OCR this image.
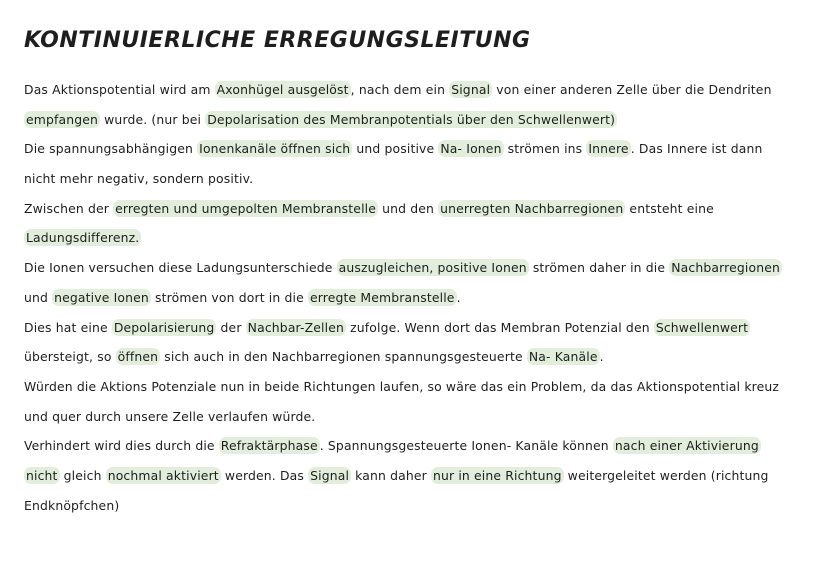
KONTINUIERLICHE ERREGUNGSLEITUNG
Das Aktionspotential wird am Axonhügel ausgelöst , nach dem ein Signal von einer anderen Zelle über die Dendriten
empfangen wurde. (nur bei Depolarisation des Membranpotentials über den Schwellenwert)
Die spannungsabhängigen Ionenkanäle öffnen sich und positive Na- Ionen strömen ins Innere . Das Innere ist dann
nicht mehr negativ, sondern positiv.
Zwischen der erregten und umgepolten Membranstelle und den unerregten Nachbarregionen entsteht eine
Ladungsdifferenz.
Die Ionen versuchen diese Ladungsunterschiede auszugleichen, positive Ionen strömen daher in die Nachbarregionen
und negative Ionen strömen von dort in die erregte Membranstelle .
Dies hat eine Depolarisierung der Nachbar-Zellen zufolge. Wenn dort das Membran Potenzial den Schwellenwert
übersteigt, so öffnen sich auch in den Nachbarregionen spannungsgesteuerte Na- Kanäle .
Würden die Aktions Potenziale nun in beide Richtungen laufen, so wäre das ein Problem, da das Aktionspotential kreuz
und quer durch unsere Zelle verlaufen würde.
Verhindert wird dies durch die Refraktärphase . Spannungsgesteuerte Ionen- Kanäle können nach einer Aktivierung
nicht gleich nochmal aktiviert werden. Das Signal kann daher nur in eine Richtung weitergeleitet werden (richtung
Endknöpfchen)
